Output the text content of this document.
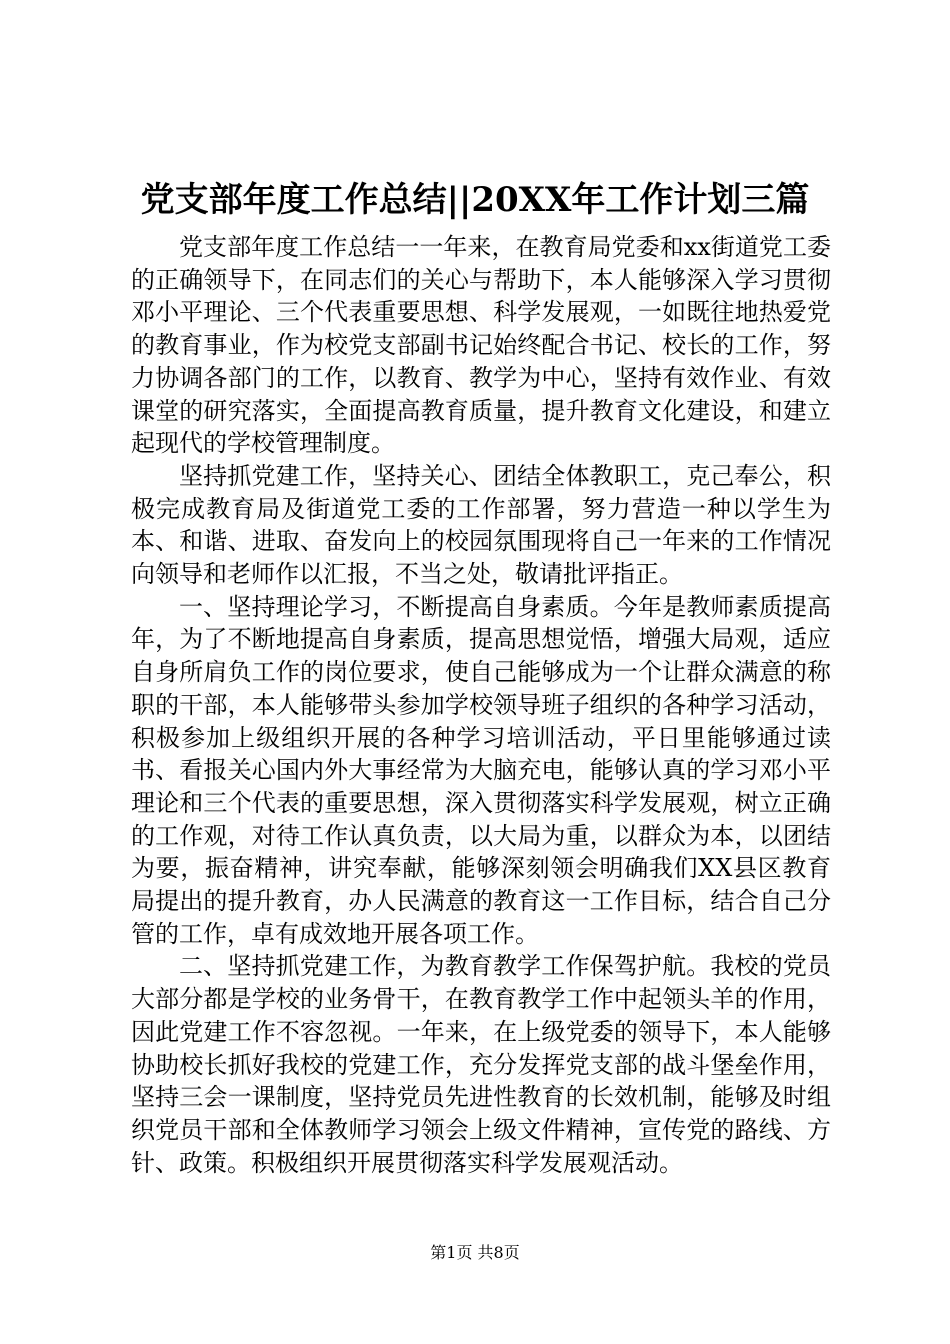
党支部年度工作总结||20XX年工作计划三篇

党支部年度工作总结一一年来，在教育局党委和xx街道党工委的正确领导下，在同志们的关心与帮助下，本人能够深入学习贯彻邓小平理论、三个代表重要思想、科学发展观，一如既往地热爱党的教育事业，作为校党支部副书记始终配合书记、校长的工作，努力协调各部门的工作，以教育、教学为中心，坚持有效作业、有效课堂的研究落实，全面提高教育质量，提升教育文化建设，和建立起现代的学校管理制度。

坚持抓党建工作，坚持关心、团结全体教职工，克己奉公，积极完成教育局及街道党工委的工作部署，努力营造一种以学生为本、和谐、进取、奋发向上的校园氛围现将自己一年来的工作情况向领导和老师作以汇报，不当之处，敬请批评指正。

一、坚持理论学习，不断提高自身素质。今年是教师素质提高年，为了不断地提高自身素质，提高思想觉悟，增强大局观，适应自身所肩负工作的岗位要求，使自己能够成为一个让群众满意的称职的干部，本人能够带头参加学校领导班子组织的各种学习活动，积极参加上级组织开展的各种学习培训活动，平日里能够通过读书、看报关心国内外大事经常为大脑充电，能够认真的学习邓小平理论和三个代表的重要思想，深入贯彻落实科学发展观，树立正确的工作观，对待工作认真负责，以大局为重，以群众为本，以团结为要，振奋精神，讲究奉献，能够深刻领会明确我们XX县区教育局提出的提升教育，办人民满意的教育这一工作目标，结合自己分管的工作，卓有成效地开展各项工作。

二、坚持抓党建工作，为教育教学工作保驾护航。我校的党员大部分都是学校的业务骨干，在教育教学工作中起领头羊的作用，因此党建工作不容忽视。一年来，在上级党委的领导下，本人能够协助校长抓好我校的党建工作，充分发挥党支部的战斗堡垒作用，坚持三会一课制度，坚持党员先进性教育的长效机制，能够及时组织党员干部和全体教师学习领会上级文件精神，宣传党的路线、方针、政策。积极组织开展贯彻落实科学发展观活动。

第1页 共8页
